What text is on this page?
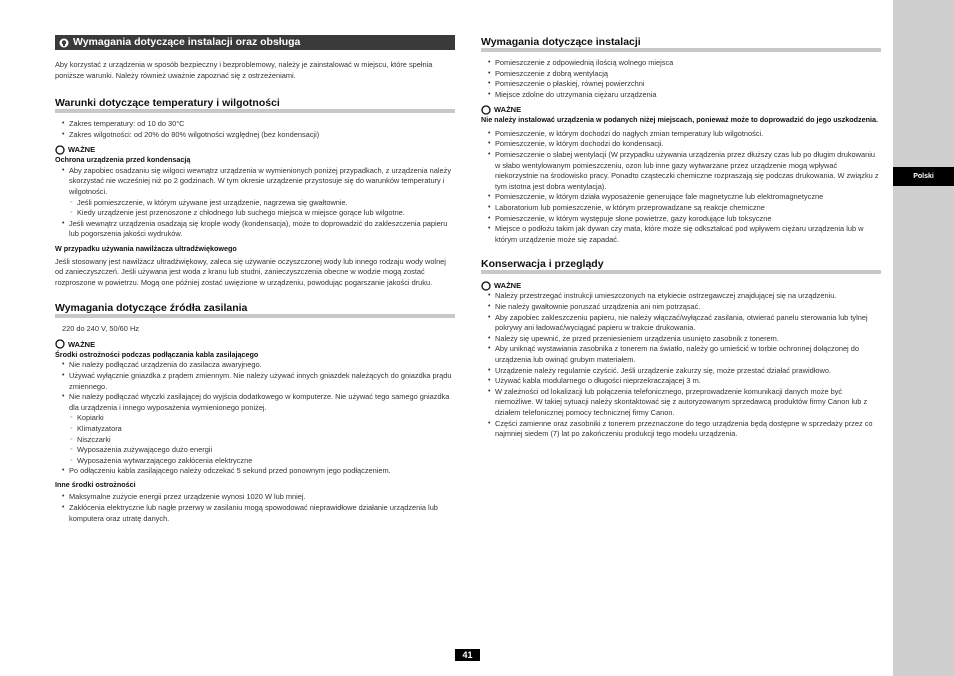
Wymagania dotyczące instalacji oraz obsługa

Aby korzystać z urządzenia w sposób bezpieczny i bezproblemowy, należy je zainstalować w miejscu, które spełnia poniższe warunki. Należy również uważnie zapoznać się z ostrzeżeniami.

Warunki dotyczące temperatury i wilgotności
• Zakres temperatury: od 10 do 30°C
• Zakres wilgotności: od 20% do 80% wilgotności względnej (bez kondensacji)
WAŻNE

Ochrona urządzenia przed kondensacją

• Aby zapobiec osadzaniu się wilgoci wewnątrz urządzenia w wymienionych poniżej przypadkach, z urządzenia należy skorzystać nie wcześniej niż po 2 godzinach. W tym okresie urządzenie przystosuje się do warunków temperatury i wilgotności.
◦ Jeśli pomieszczenie, w którym używane jest urządzenie, nagrzewa się gwałtownie.
◦ Kiedy urządzenie jest przenoszone z chłodnego lub suchego miejsca w miejsce gorące lub wilgotne.
• Jeśli wewnątrz urządzenia osadzają się krople wody (kondensacja), może to doprowadzić do zakleszczenia papieru lub pogorszenia jakości wydruków.

W przypadku używania nawilżacza ultradźwiękowego

Jeśli stosowany jest nawilżacz ultradźwiękowy, zaleca się używanie oczyszczonej wody lub innego rodzaju wody wolnej od zanieczyszczeń. Jeśli używana jest woda z kranu lub studni, zanieczyszczenia obecne w wodzie mogą zostać rozproszone w powietrzu. Mogą one później zostać uwięzione w urządzeniu, powodując pogarszanie jakości druku.

Wymagania dotyczące źródła zasilania

220 do 240 V, 50/60 Hz

WAŻNE

Środki ostrożności podczas podłączania kabla zasilającego

• Nie należy podłączać urządzenia do zasilacza awaryjnego.
• Używać wyłącznie gniazdka z prądem zmiennym. Nie należy używać innych gniazdek należących do gniazdka prądu zmiennego.
• Nie należy podłączać wtyczki zasilającej do wyjścia dodatkowego w komputerze. Nie używać tego samego gniazdka dla urządzenia i innego wyposażenia wymienionego poniżej.
◦ Kopiarki
◦ Klimatyzatora
◦ Niszczarki
◦ Wyposażenia zużywającego dużo energii
◦ Wyposażenia wytwarzającego zakłócenia elektryczne
• Po odłączeniu kabla zasilającego należy odczekać 5 sekund przed ponownym jego podłączeniem.

Inne środki ostrożności

• Maksymalne zużycie energii przez urządzenie wynosi 1020 W lub mniej.
• Zakłócenia elektryczne lub nagłe przerwy w zasilaniu mogą spowodować nieprawidłowe działanie urządzenia lub komputera oraz utratę danych.
Wymagania dotyczące instalacji
• Pomieszczenie z odpowiednią ilością wolnego miejsca
• Pomieszczenie z dobrą wentylacją
• Pomieszczenie o płaskiej, równej powierzchni
• Miejsce zdolne do utrzymania ciężaru urządzenia
WAŻNE

Nie należy instalować urządzenia w podanych niżej miejscach, ponieważ może to doprowadzić do jego uszkodzenia.

• Pomieszczenie, w którym dochodzi do nagłych zmian temperatury lub wilgotności.
• Pomieszczenie, w którym dochodzi do kondensacji.
• Pomieszczenie o słabej wentylacji (W przypadku używania urządzenia przez dłuższy czas lub po długim drukowaniu w słabo wentylowanym pomieszczeniu, ozon lub inne gazy wytwarzane przez urządzenie mogą wpływać niekorzystnie na środowisko pracy. Ponadto cząsteczki chemiczne rozpraszają się podczas drukowania. W związku z tym istotna jest dobra wentylacja).
• Pomieszczenie, w którym działa wyposażenie generujące fale magnetyczne lub elektromagnetyczne
• Laboratorium lub pomieszczenie, w którym przeprowadzane są reakcje chemiczne
• Pomieszczenie, w którym występuje słone powietrze, gazy korodujące lub toksyczne
• Miejsce o podłożu takim jak dywan czy mata, które może się odkształcać pod wpływem ciężaru urządzenia lub w którym urządzenie może się zapadać.
Konserwacja i przeglądy
WAŻNE
• Należy przestrzegać instrukcji umieszczonych na etykiecie ostrzegawczej znajdującej się na urządzeniu.
• Nie należy gwałtownie poruszać urządzenia ani nim potrząsać.
• Aby zapobiec zakleszczeniu papieru, nie należy włączać/wyłączać zasilania, otwierać panelu sterowania lub tylnej pokrywy ani ładować/wyciągać papieru w trakcie drukowania.
• Należy się upewnić, że przed przeniesieniem urządzenia usunięto zasobnik z tonerem.
• Aby uniknąć wystawiania zasobnika z tonerem na światło, należy go umieścić w torbie ochronnej dołączonej do urządzenia lub owinąć grubym materiałem.
• Urządzenie należy regularnie czyścić. Jeśli urządzenie zakurzy się, może przestać działać prawidłowo.
• Używać kabla modularnego o długości nieprzekraczającej 3 m.
• W zależności od lokalizacji lub połączenia telefonicznego, przeprowadzenie komunikacji danych może być niemożliwe. W takiej sytuacji należy skontaktować się z autoryzowanym sprzedawcą produktów firmy Canon lub z działem telefonicznej pomocy technicznej firmy Canon.
• Części zamienne oraz zasobniki z tonerem przeznaczone do tego urządzenia będą dostępne w sprzedaży przez co najmniej siedem (7) lat po zakończeniu produkcji tego modelu urządzenia.
Polski
41
